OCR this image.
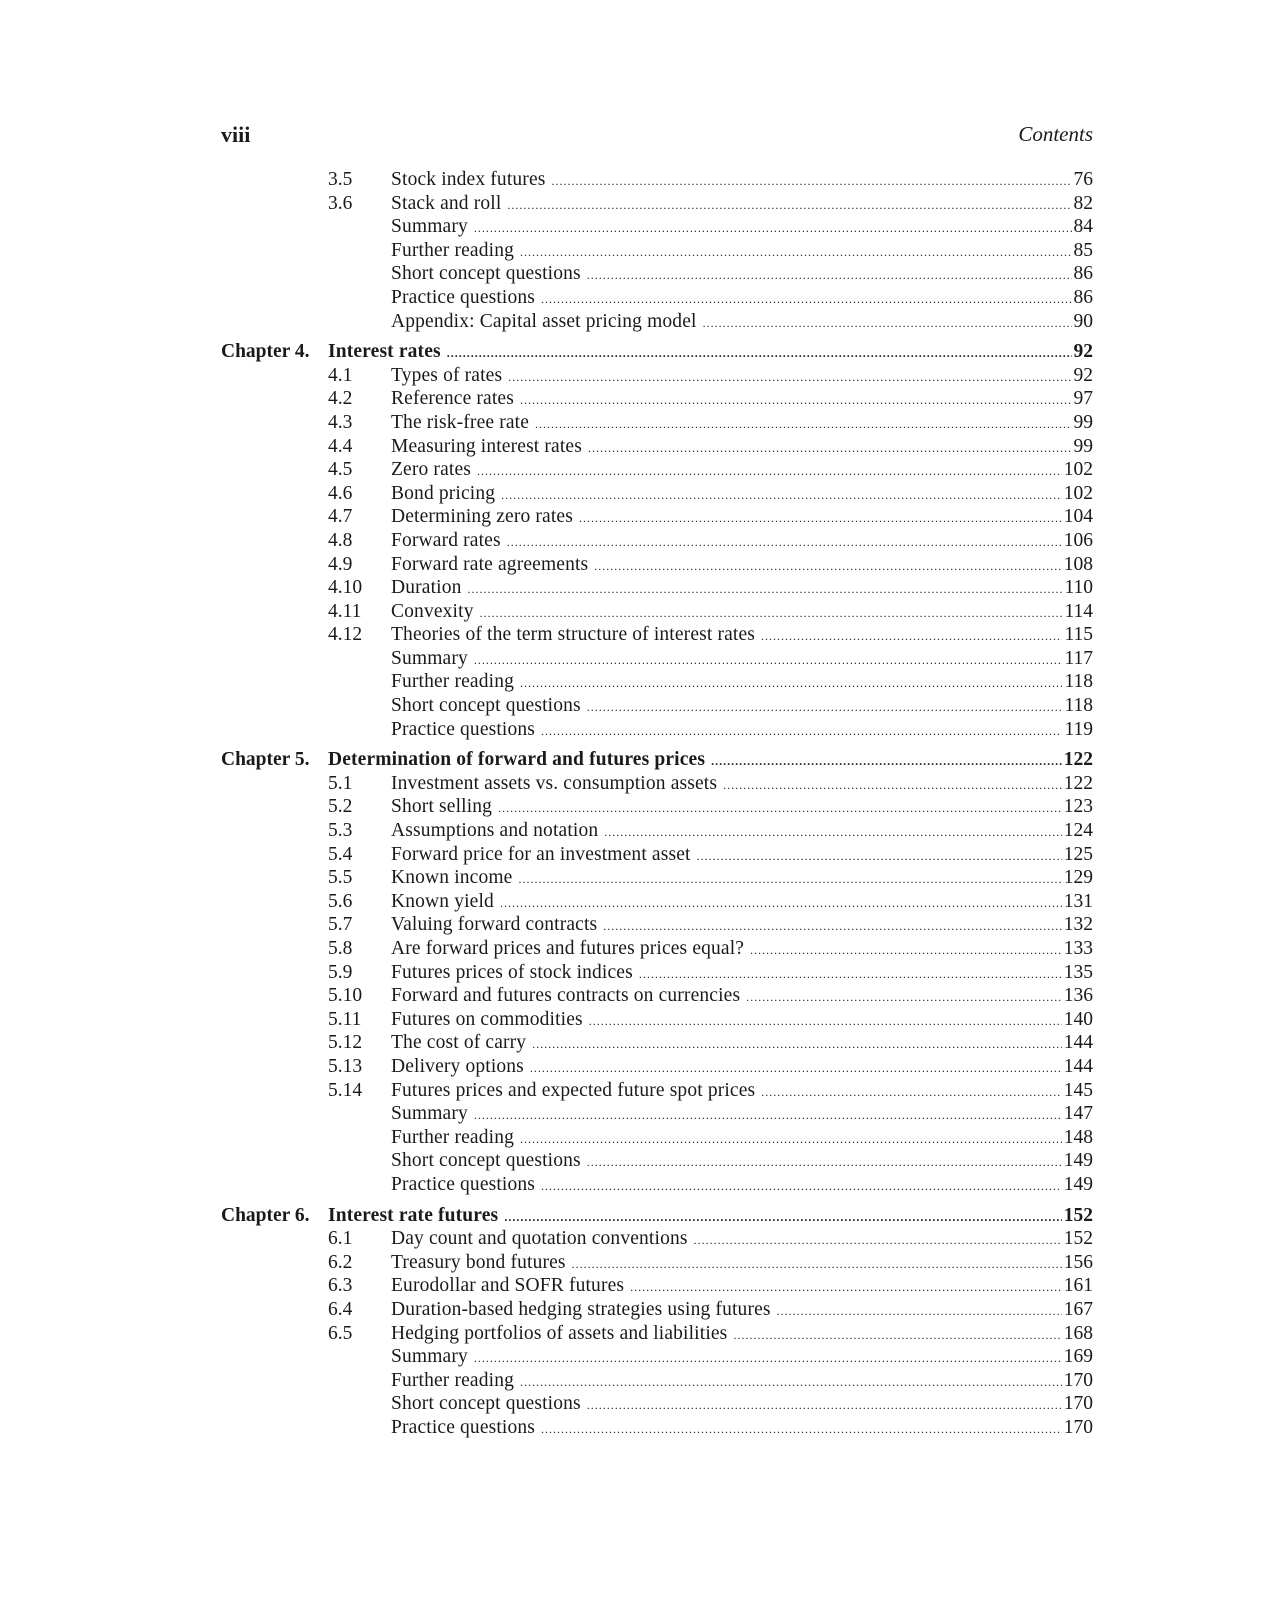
viii	Contents
3.5 Stock index futures .....	76
3.6 Stack and roll .....	82
Summary .....	84
Further reading .....	85
Short concept questions .....	86
Practice questions .....	86
Appendix: Capital asset pricing model .....	90
Chapter 4. Interest rates .....	92
4.1 Types of rates .....	92
4.2 Reference rates .....	97
4.3 The risk-free rate .....	99
4.4 Measuring interest rates .....	99
4.5 Zero rates .....	102
4.6 Bond pricing .....	102
4.7 Determining zero rates .....	104
4.8 Forward rates .....	106
4.9 Forward rate agreements .....	108
4.10 Duration .....	110
4.11 Convexity .....	114
4.12 Theories of the term structure of interest rates .....	115
Summary .....	117
Further reading .....	118
Short concept questions .....	118
Practice questions .....	119
Chapter 5. Determination of forward and futures prices .....	122
5.1 Investment assets vs. consumption assets .....	122
5.2 Short selling .....	123
5.3 Assumptions and notation .....	124
5.4 Forward price for an investment asset .....	125
5.5 Known income .....	129
5.6 Known yield .....	131
5.7 Valuing forward contracts .....	132
5.8 Are forward prices and futures prices equal? .....	133
5.9 Futures prices of stock indices .....	135
5.10 Forward and futures contracts on currencies .....	136
5.11 Futures on commodities .....	140
5.12 The cost of carry .....	144
5.13 Delivery options .....	144
5.14 Futures prices and expected future spot prices .....	145
Summary .....	147
Further reading .....	148
Short concept questions .....	149
Practice questions .....	149
Chapter 6. Interest rate futures .....	152
6.1 Day count and quotation conventions .....	152
6.2 Treasury bond futures .....	156
6.3 Eurodollar and SOFR futures .....	161
6.4 Duration-based hedging strategies using futures .....	167
6.5 Hedging portfolios of assets and liabilities .....	168
Summary .....	169
Further reading .....	170
Short concept questions .....	170
Practice questions .....	170
